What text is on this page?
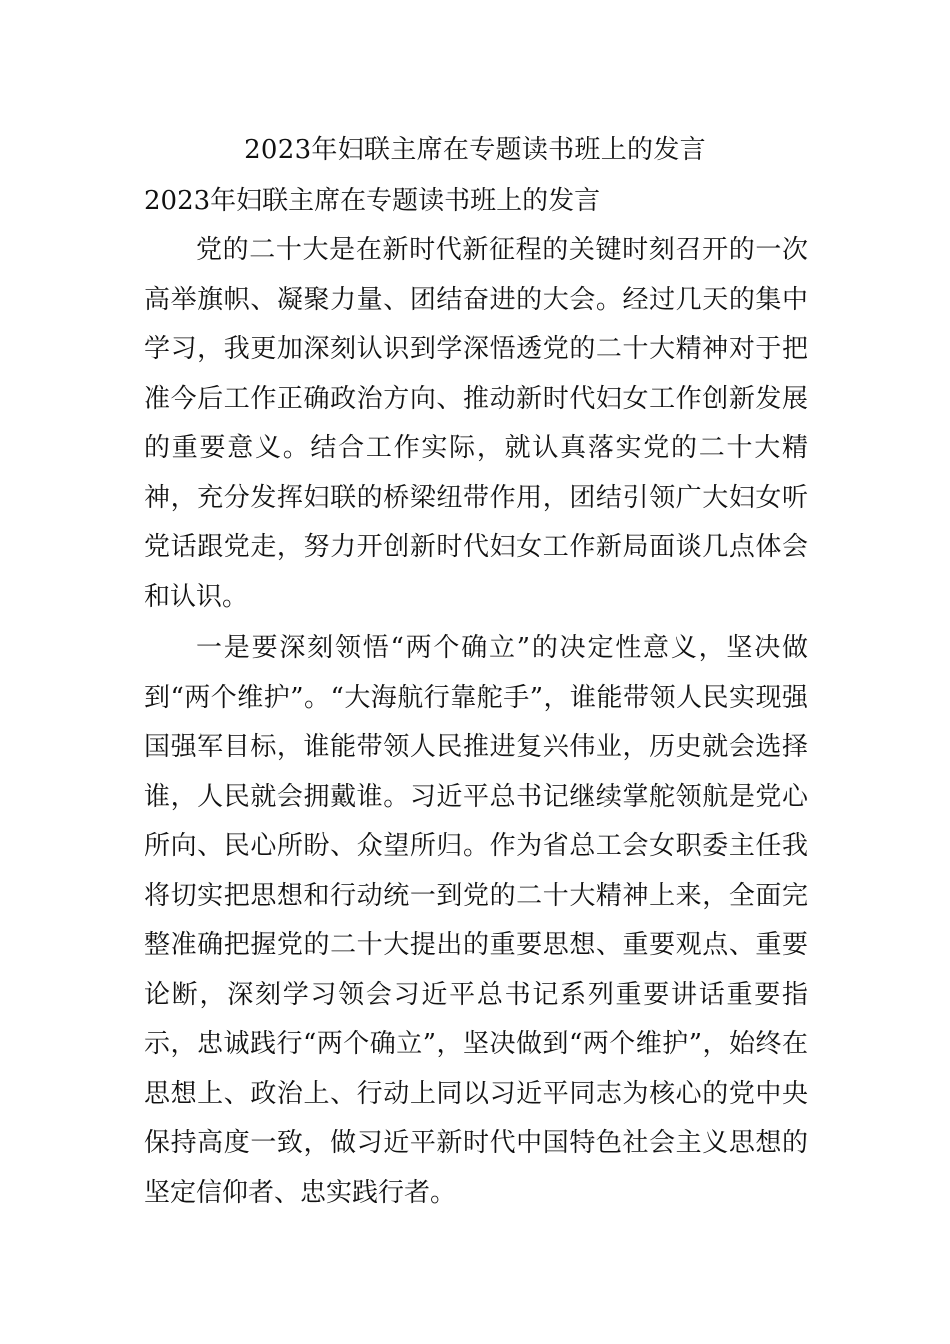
2023年妇联主席在专题读书班上的发言

2023年妇联主席在专题读书班上的发言

党的二十大是在新时代新征程的关键时刻召开的一次高举旗帜、凝聚力量、团结奋进的大会。经过几天的集中学习，我更加深刻认识到学深悟透党的二十大精神对于把准今后工作正确政治方向、推动新时代妇女工作创新发展的重要意义。结合工作实际，就认真落实党的二十大精神，充分发挥妇联的桥梁纽带作用，团结引领广大妇女听党话跟党走，努力开创新时代妇女工作新局面谈几点体会和认识。

一是要深刻领悟“两个确立”的决定性意义，坚决做到“两个维护”。“大海航行靠舵手”，谁能带领人民实现强国强军目标，谁能带领人民推进复兴伟业，历史就会选择谁，人民就会拥戴谁。习近平总书记继续掌舵领航是党心所向、民心所盼、众望所归。作为省总工会女职委主任我将切实把思想和行动统一到党的二十大精神上来，全面完整准确把握党的二十大提出的重要思想、重要观点、重要论断，深刻学习领会习近平总书记系列重要讲话重要指示，忠诚践行“两个确立”，坚决做到“两个维护”，始终在思想上、政治上、行动上同以习近平同志为核心的党中央保持高度一致，做习近平新时代中国特色社会主义思想的坚定信仰者、忠实践行者。
